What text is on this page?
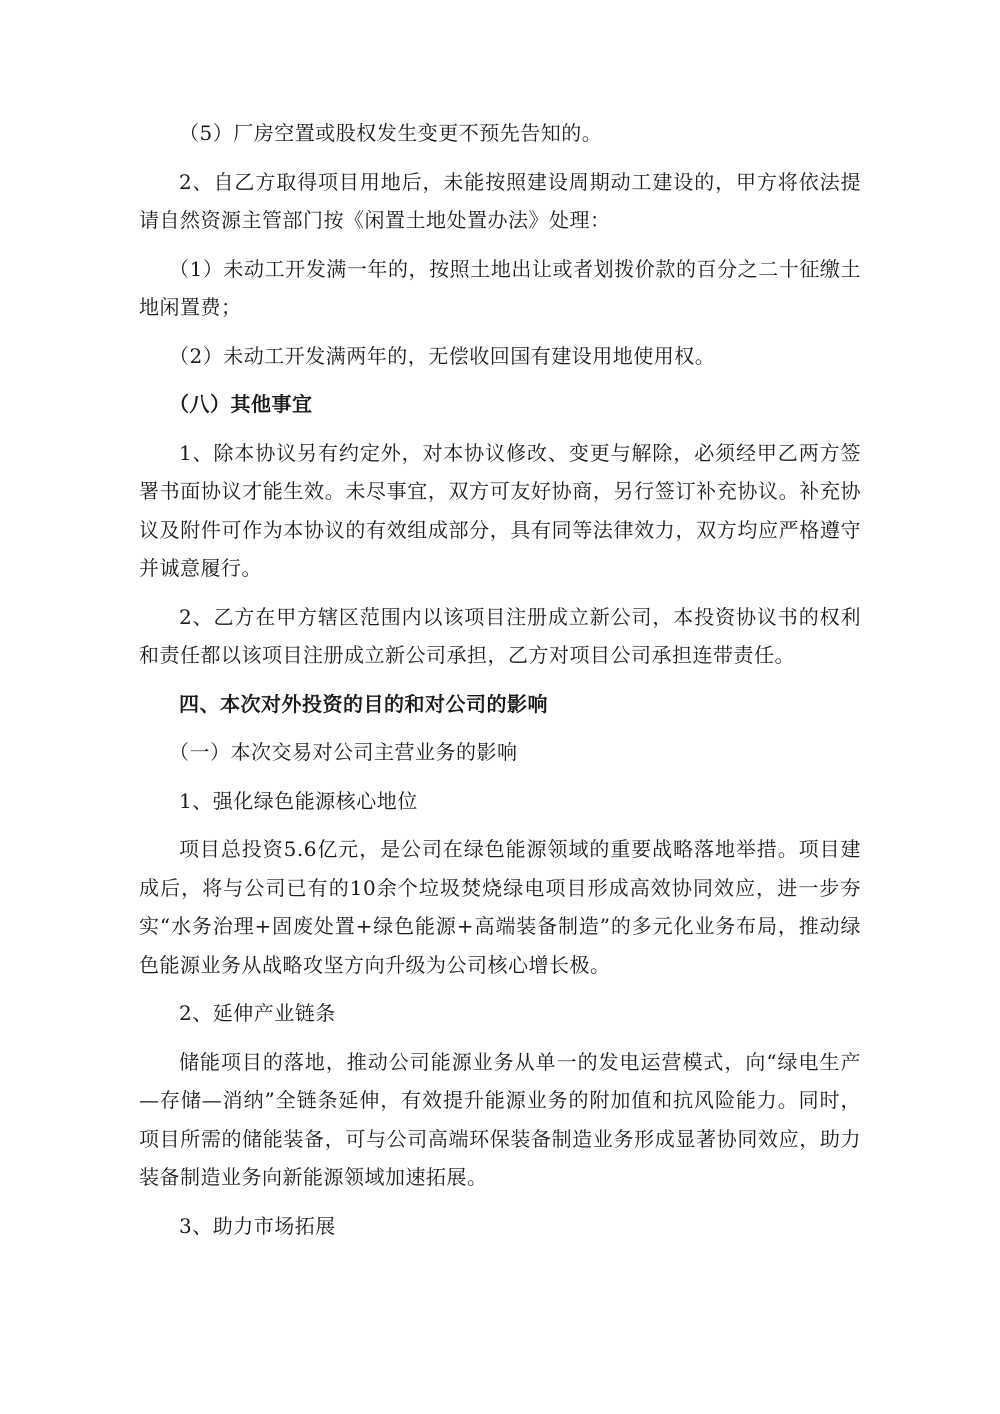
（5）厂房空置或股权发生变更不预先告知的。

2、自乙方取得项目用地后，未能按照建设周期动工建设的，甲方将依法提请自然资源主管部门按《闲置土地处置办法》处理：

（1）未动工开发满一年的，按照土地出让或者划拨价款的百分之二十征缴土地闲置费；

（2）未动工开发满两年的，无偿收回国有建设用地使用权。

（八）其他事宜

1、除本协议另有约定外，对本协议修改、变更与解除，必须经甲乙两方签署书面协议才能生效。未尽事宜，双方可友好协商，另行签订补充协议。补充协议及附件可作为本协议的有效组成部分，具有同等法律效力，双方均应严格遵守并诚意履行。

2、乙方在甲方辖区范围内以该项目注册成立新公司，本投资协议书的权利和责任都以该项目注册成立新公司承担，乙方对项目公司承担连带责任。

四、本次对外投资的目的和对公司的影响

（一）本次交易对公司主营业务的影响

1、强化绿色能源核心地位

项目总投资5.6亿元，是公司在绿色能源领域的重要战略落地举措。项目建成后，将与公司已有的10余个垃圾焚烧绿电项目形成高效协同效应，进一步夯实“水务治理+固废处置+绿色能源+高端装备制造”的多元化业务布局，推动绿色能源业务从战略攻坚方向升级为公司核心增长极。

2、延伸产业链条

储能项目的落地，推动公司能源业务从单一的发电运营模式，向“绿电生产—存储—消纳”全链条延伸，有效提升能源业务的附加值和抗风险能力。同时，项目所需的储能装备，可与公司高端环保装备制造业务形成显著协同效应，助力装备制造业务向新能源领域加速拓展。

3、助力市场拓展
